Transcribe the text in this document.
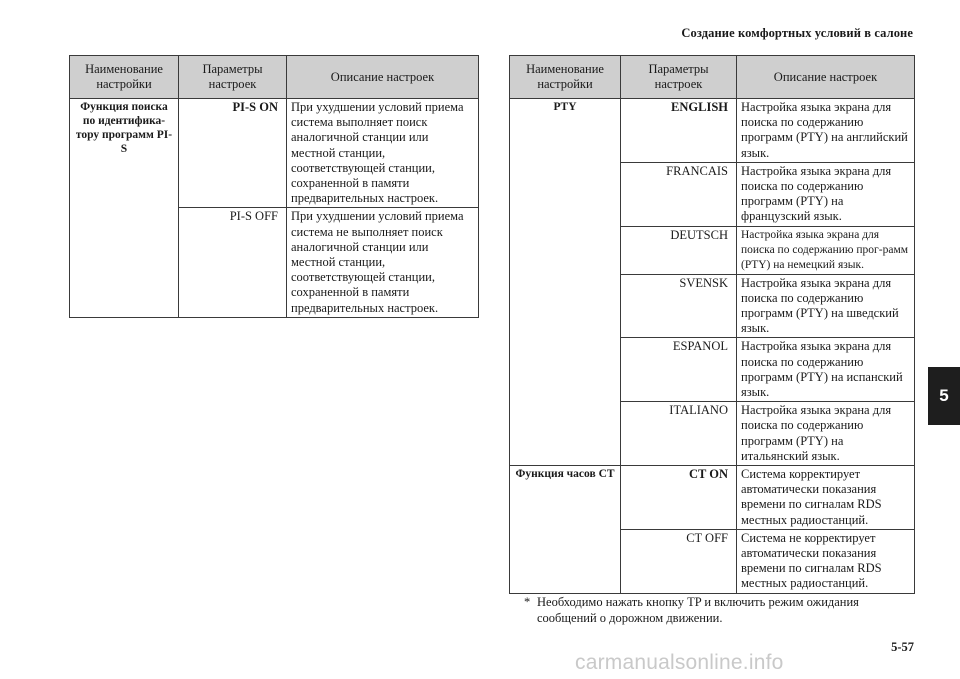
Создание комфортных условий в салоне
5
Наименование настройки	Параметры настроек	Описание настроек
Функция поиска по идентифика-тору программ PI-S	PI-S ON	При ухудшении условий приема система выполняет поиск аналогичной станции или местной станции, соответствующей станции, сохраненной в памяти предварительных настроек.
	PI-S OFF	При ухудшении условий приема система не выполняет поиск аналогичной станции или местной станции, соответствующей станции, сохраненной в памяти предварительных настроек.
Наименование настройки	Параметры настроек	Описание настроек
PTY	ENGLISH	Настройка языка экрана для поиска по содержанию программ (PTY) на английский язык.
	FRANCAIS	Настройка языка экрана для поиска по содержанию программ (PTY) на французский язык.
	DEUTSCH	Настройка языка экрана для поиска по содержанию прог-рамм (PTY) на немецкий язык.
	SVENSK	Настройка языка экрана для поиска по содержанию программ (PTY) на шведский язык.
	ESPANOL	Настройка языка экрана для поиска по содержанию программ (PTY) на испанский язык.
	ITALIANO	Настройка языка экрана для поиска по содержанию программ (PTY) на итальянский язык.
Функция часов CT	CT ON	Система корректирует автоматически показания времени по сигналам RDS местных радиостанций.
	CT OFF	Система не корректирует автоматически показания времени по сигналам RDS местных радиостанций.
* Необходимо нажать кнопку TP и включить режим ожидания
сообщений о дорожном движении.
5-57
carmanualsonline.info
